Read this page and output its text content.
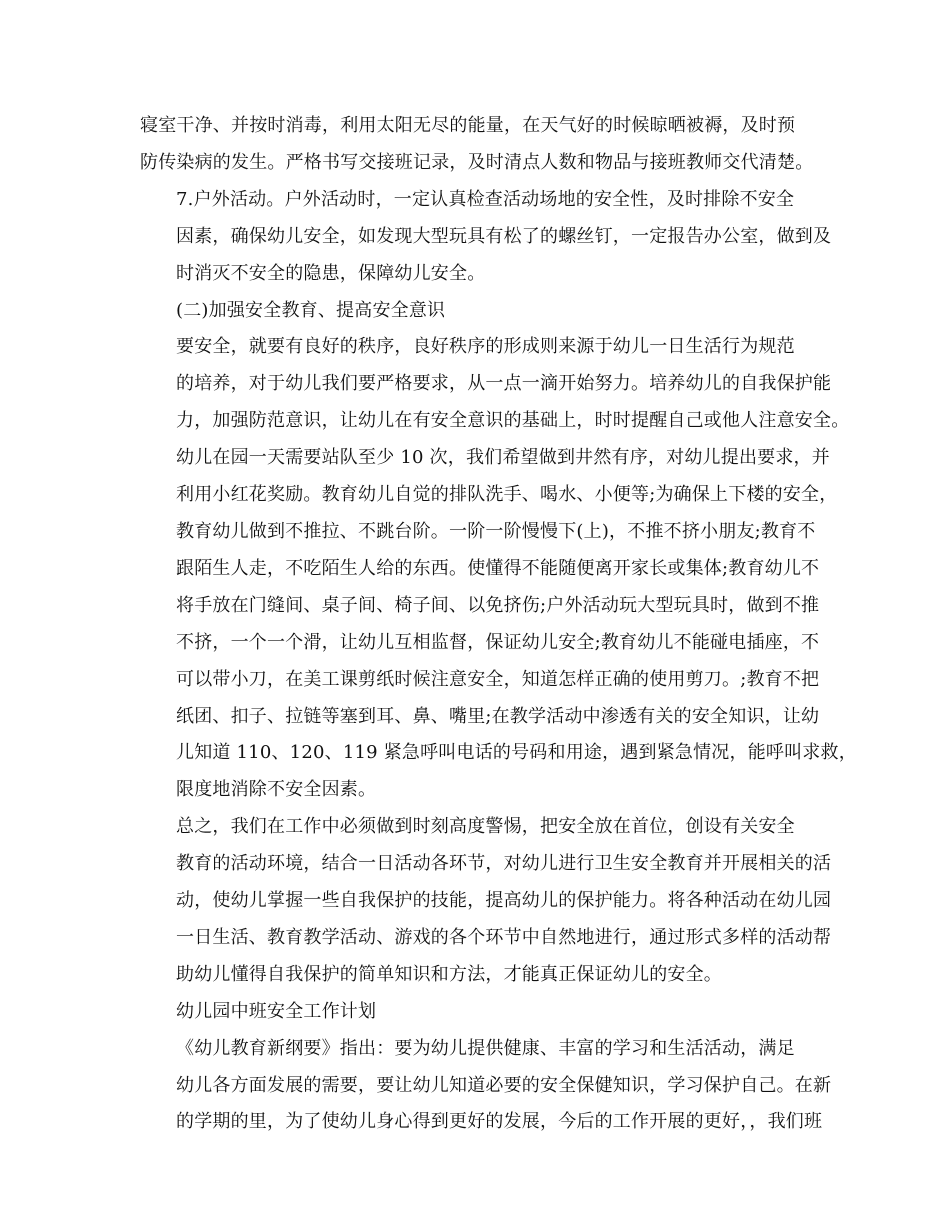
寝室干净、并按时消毒，利用太阳无尽的能量，在天气好的时候晾晒被褥，及时预
防传染病的发生。严格书写交接班记录，及时清点人数和物品与接班教师交代清楚。
7.户外活动。户外活动时，一定认真检查活动场地的安全性，及时排除不安全
因素，确保幼儿安全，如发现大型玩具有松了的螺丝钉，一定报告办公室，做到及
时消灭不安全的隐患，保障幼儿安全。
(二)加强安全教育、提高安全意识
要安全，就要有良好的秩序，良好秩序的形成则来源于幼儿一日生活行为规范
的培养，对于幼儿我们要严格要求，从一点一滴开始努力。培养幼儿的自我保护能
力，加强防范意识，让幼儿在有安全意识的基础上，时时提醒自己或他人注意安全。
幼儿在园一天需要站队至少 10 次，我们希望做到井然有序，对幼儿提出要求，并
利用小红花奖励。教育幼儿自觉的排队洗手、喝水、小便等;为确保上下楼的安全，
教育幼儿做到不推拉、不跳台阶。一阶一阶慢慢下(上)，不推不挤小朋友;教育不
跟陌生人走，不吃陌生人给的东西。使懂得不能随便离开家长或集体;教育幼儿不
将手放在门缝间、桌子间、椅子间、以免挤伤;户外活动玩大型玩具时，做到不推
不挤，一个一个滑，让幼儿互相监督，保证幼儿安全;教育幼儿不能碰电插座，不
可以带小刀，在美工课剪纸时候注意安全，知道怎样正确的使用剪刀。;教育不把
纸团、扣子、拉链等塞到耳、鼻、嘴里;在教学活动中渗透有关的安全知识，让幼
儿知道 110、120、119 紧急呼叫电话的号码和用途，遇到紧急情况，能呼叫求救，
限度地消除不安全因素。
总之，我们在工作中必须做到时刻高度警惕，把安全放在首位，创设有关安全
教育的活动环境，结合一日活动各环节，对幼儿进行卫生安全教育并开展相关的活
动，使幼儿掌握一些自我保护的技能，提高幼儿的保护能力。将各种活动在幼儿园
一日生活、教育教学活动、游戏的各个环节中自然地进行，通过形式多样的活动帮
助幼儿懂得自我保护的简单知识和方法，才能真正保证幼儿的安全。
幼儿园中班安全工作计划
《幼儿教育新纲要》指出：要为幼儿提供健康、丰富的学习和生活活动，满足
幼儿各方面发展的需要，要让幼儿知道必要的安全保健知识，学习保护自己。在新
的学期的里，为了使幼儿身心得到更好的发展，今后的工作开展的更好，，我们班
